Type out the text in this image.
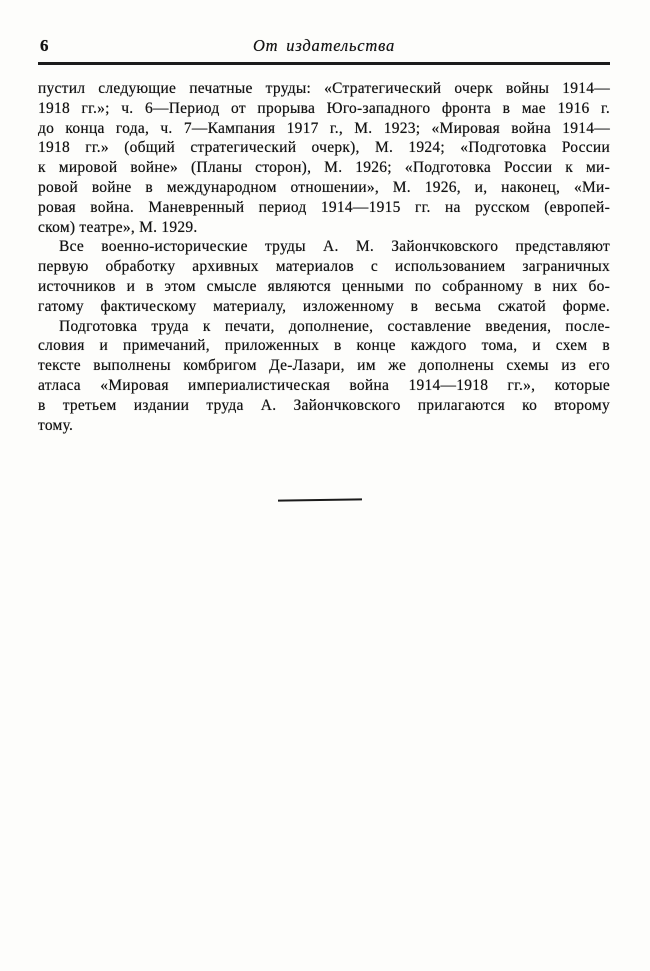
6	От издательства
пустил следующие печатные труды: «Стратегический очерк войны 1914—
1918 гг.»; ч. 6—Период от прорыва Юго-западного фронта в мае 1916 г.
до конца года, ч. 7—Кампания 1917 г., М. 1923; «Мировая война 1914—
1918 гг.» (общий стратегический очерк), М. 1924; «Подготовка России
к мировой войне» (Планы сторон), М. 1926; «Подготовка России к ми-
ровой войне в международном отношении», М. 1926, и, наконец, «Ми-
ровая война. Маневренный период 1914—1915 гг. на русском (европей-
ском) театре», М. 1929.
Все военно-исторические труды А. М. Зайончковского представляют
первую обработку архивных материалов с использованием заграничных
источников и в этом смысле являются ценными по собранному в них бо-
гатому фактическому материалу, изложенному в весьма сжатой форме.
Подготовка труда к печати, дополнение, составление введения, после-
словия и примечаний, приложенных в конце каждого тома, и схем в
тексте выполнены комбригом Де-Лазари, им же дополнены схемы из его
атласа «Мировая империалистическая война 1914—1918 гг.», которые
в третьем издании труда А. Зайончковского прилагаются ко второму
тому.
